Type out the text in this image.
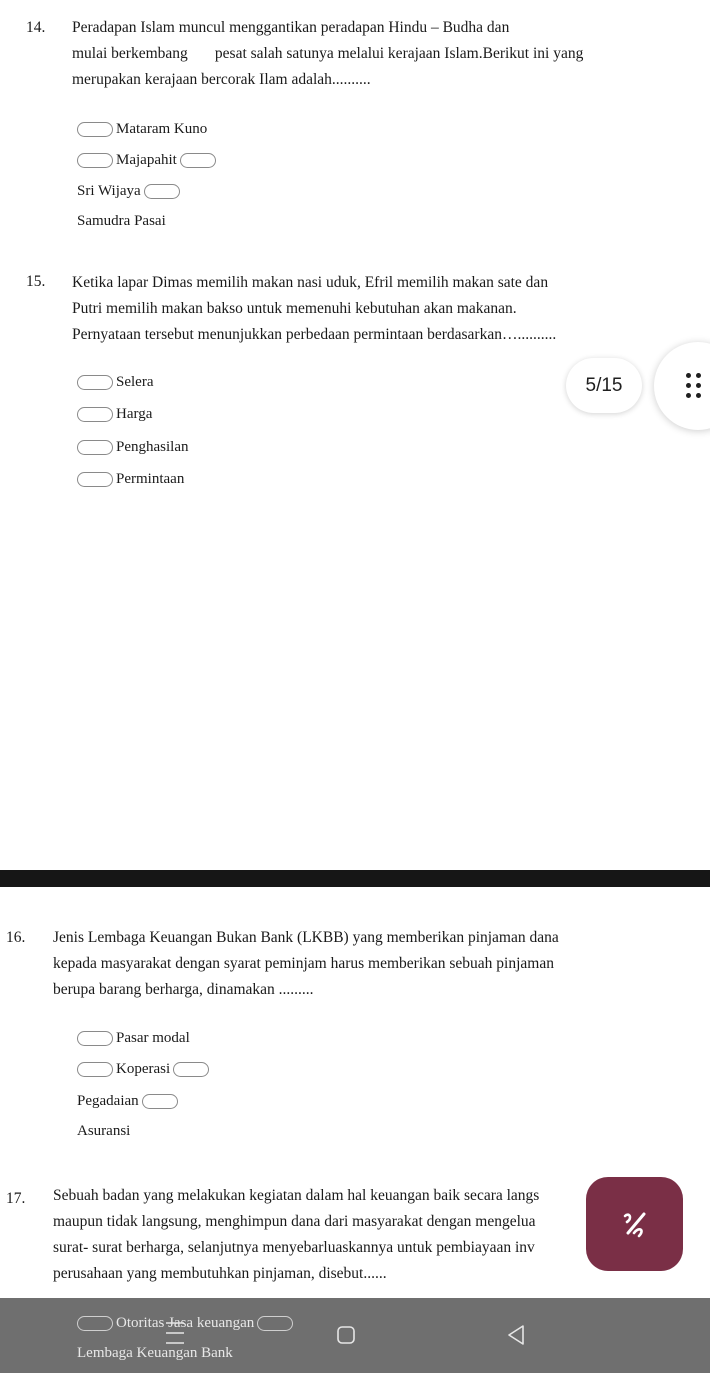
14. Peradapan Islam muncul menggantikan peradapan Hindu – Budha dan
mulai berkembang       pesat salah satunya melalui kerajaan Islam.Berikut ini yang
merupakan kerajaan bercorak Ilam adalah..........
Mataram Kuno
Majapahit
Sri Wijaya
Samudra Pasai
15. Ketika lapar Dimas memilih makan nasi uduk, Efril memilih makan sate dan
Putri memilih makan bakso untuk memenuhi kebutuhan akan makanan.
Pernyataan tersebut menunjukkan perbedaan permintaan berdasarkan…..........
Selera
Harga
Penghasilan
Permintaan
5/15
16. Jenis Lembaga Keuangan Bukan Bank (LKBB) yang memberikan pinjaman dana
kepada masyarakat dengan syarat peminjam harus memberikan sebuah pinjaman
berupa barang berharga, dinamakan .........
Pasar modal
Koperasi
Pegadaian
Asuransi
17. Sebuah badan yang melakukan kegiatan dalam hal keuangan baik secara langs
maupun tidak langsung, menghimpun dana dari masyarakat dengan mengelua
surat- surat berharga, selanjutnya menyebarluaskannya untuk pembiayaan inv
perusahaan yang membutuhkan pinjaman, disebut......
Otoritas Jasa keuangan
Lembaga Keuangan Bank
